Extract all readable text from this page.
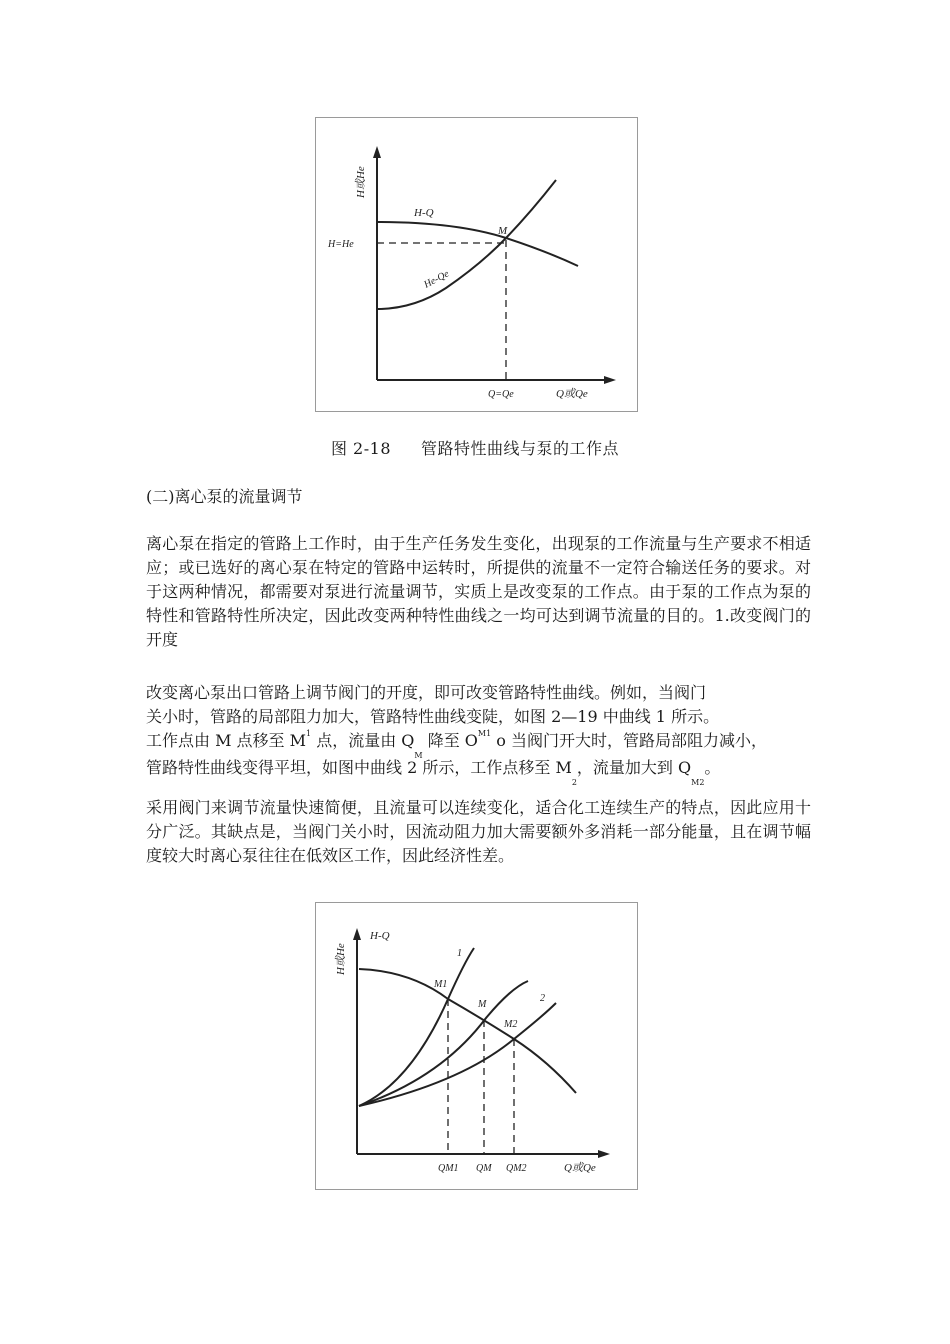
H或He
Q或Qe
H-Q
He-Qe
M
H=He
Q=Qe
图 2-18 管路特性曲线与泵的工作点
(二)离心泵的流量调节
离心泵在指定的管路上工作时，由于生产任务发生变化，出现泵的工作流量与生产要求不相适应；或已选好的离心泵在特定的管路中运转时，所提供的流量不一定符合输送任务的要求。对于这两种情况，都需要对泵进行流量调节，实质上是改变泵的工作点。由于泵的工作点为泵的特性和管路特性所决定，因此改变两种特性曲线之一均可达到调节流量的目的。1.改变阀门的开度
改变离心泵出口管路上调节阀门的开度，即可改变管路特性曲线。例如，当阀门
关小时，管路的局部阻力加大，管路特性曲线变陡，如图 2—19 中曲线 1 所示。
工作点由 M 点移至 $M^1$ 点，流量由 $Q_M$ 降至 $O^{M1}$ o 当阀门开大时，管路局部阻力减小，
管路特性曲线变得平坦，如图中曲线 2 所示，工作点移至 $M_2$，流量加大到 $Q_{M2}$。
采用阀门来调节流量快速简便，且流量可以连续变化，适合化工连续生产的特点，因此应用十分广泛。其缺点是，当阀门关小时，因流动阻力加大需要额外多消耗一部分能量，且在调节幅度较大时离心泵往往在低效区工作，因此经济性差。
H或He
Q或Qe
H-Q
1
2
M1
M
M2
QM1 QM QM2
